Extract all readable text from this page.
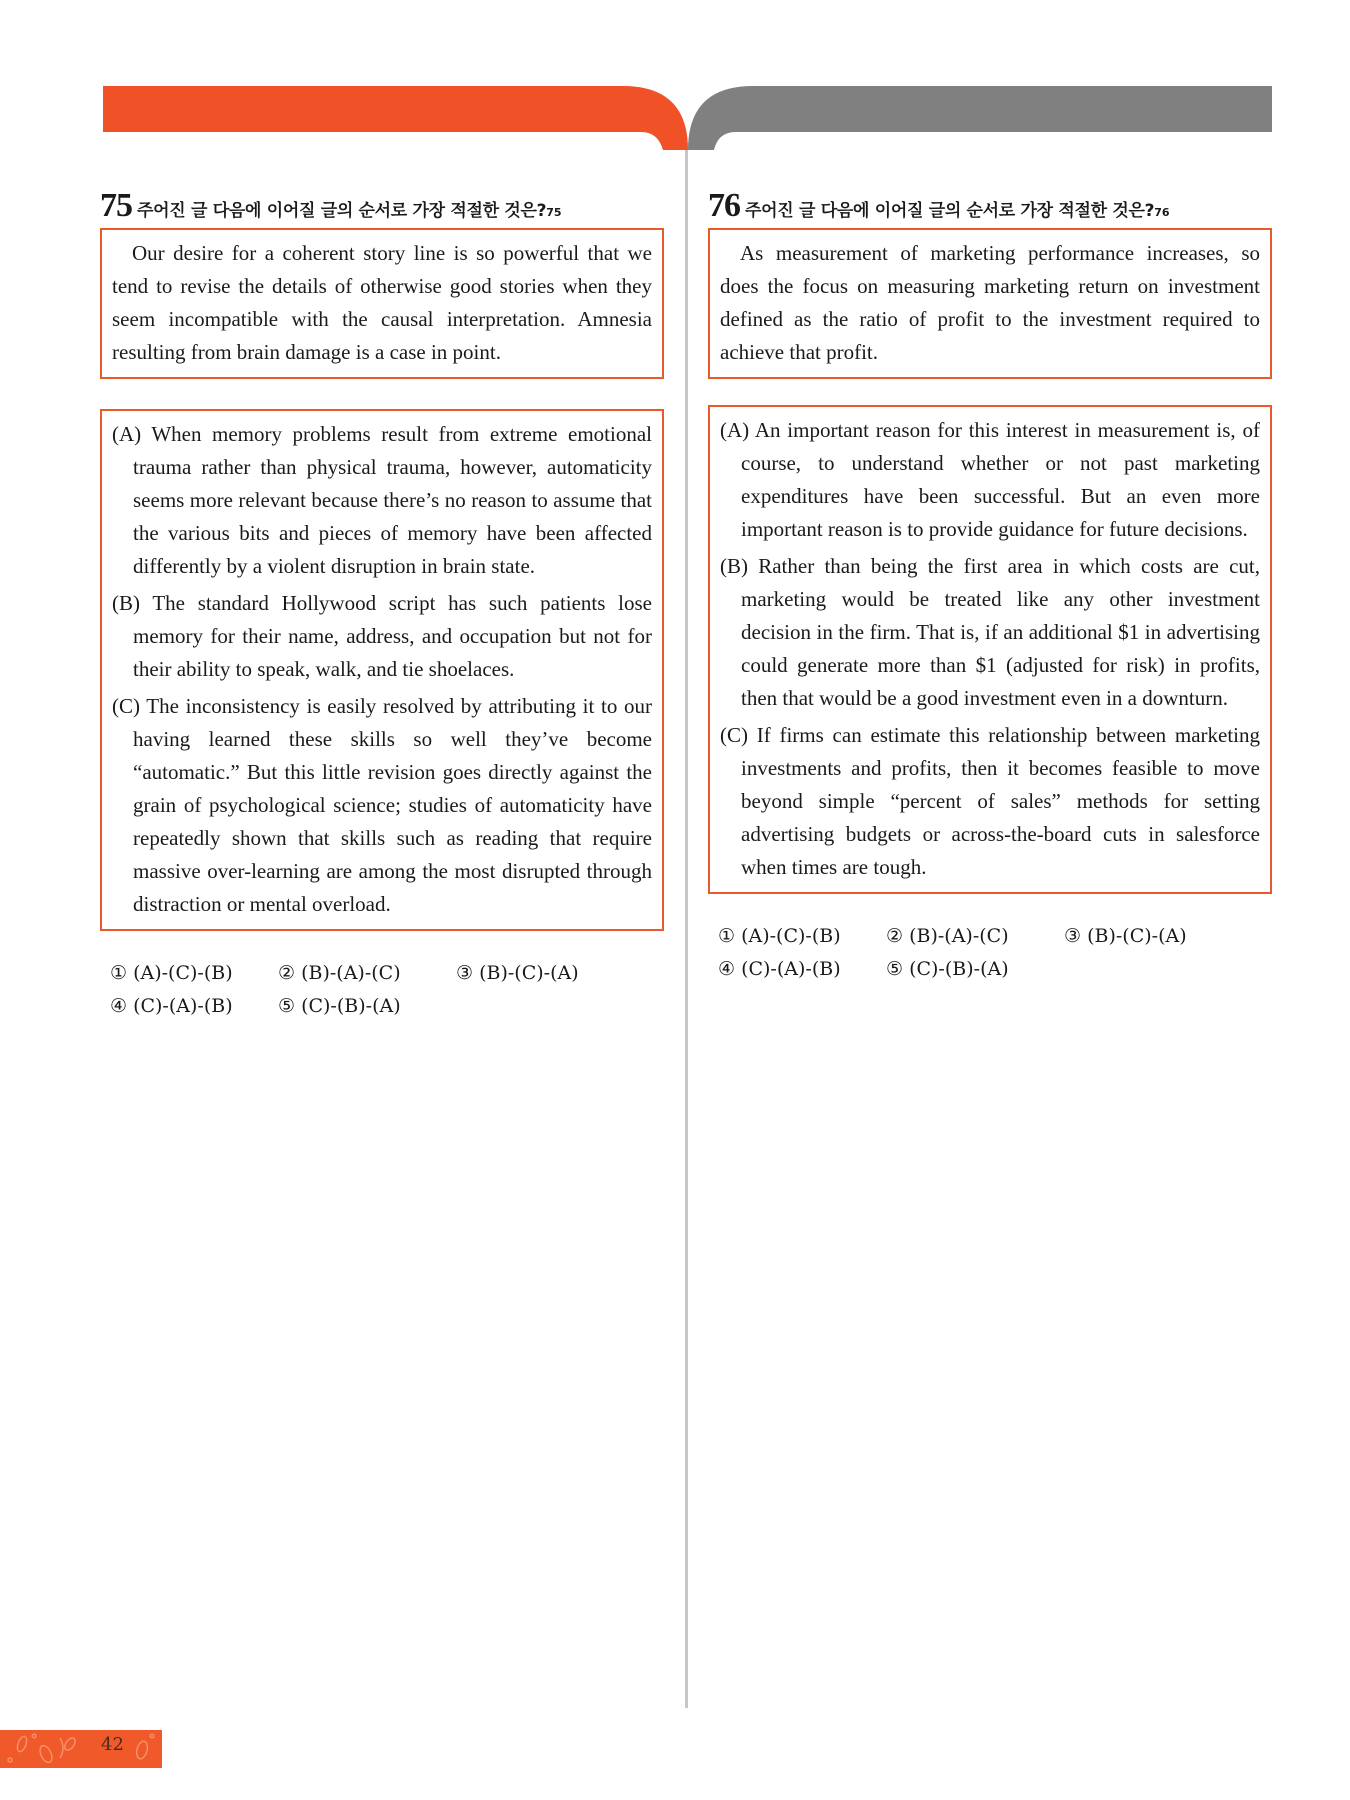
75 주어진 글 다음에 이어질 글의 순서로 가장 적절한 것은? 75

Our desire for a coherent story line is so powerful that we tend to revise the details of otherwise good stories when they seem incompatible with the causal interpretation. Amnesia resulting from brain damage is a case in point.

(A) When memory problems result from extreme emotional trauma rather than physical trauma, however, automaticity seems more relevant because there’s no reason to assume that the various bits and pieces of memory have been affected differently by a violent disruption in brain state.
(B) The standard Hollywood script has such patients lose memory for their name, address, and occupation but not for their ability to speak, walk, and tie shoelaces.
(C) The inconsistency is easily resolved by attributing it to our having learned these skills so well they’ve become “automatic.” But this little revision goes directly against the grain of psychological science; studies of automaticity have repeatedly shown that skills such as reading that require massive over-learning are among the most disrupted through distraction or mental overload.
① (A)-(C)-(B)	② (B)-(A)-(C)	③ (B)-(C)-(A)
④ (C)-(A)-(B)	⑤ (C)-(B)-(A)
76 주어진 글 다음에 이어질 글의 순서로 가장 적절한 것은? 76

As measurement of marketing performance increases, so does the focus on measuring marketing return on investment defined as the ratio of profit to the investment required to achieve that profit.

(A) An important reason for this interest in measurement is, of course, to understand whether or not past marketing expenditures have been successful. But an even more important reason is to provide guidance for future decisions.
(B) Rather than being the first area in which costs are cut, marketing would be treated like any other investment decision in the firm. That is, if an additional $1 in advertising could generate more than $1 (adjusted for risk) in profits, then that would be a good investment even in a downturn.
(C) If firms can estimate this relationship between marketing investments and profits, then it becomes feasible to move beyond simple “percent of sales” methods for setting advertising budgets or across-the-board cuts in salesforce when times are tough.
① (A)-(C)-(B)	② (B)-(A)-(C)	③ (B)-(C)-(A)
④ (C)-(A)-(B)	⑤ (C)-(B)-(A)
42
